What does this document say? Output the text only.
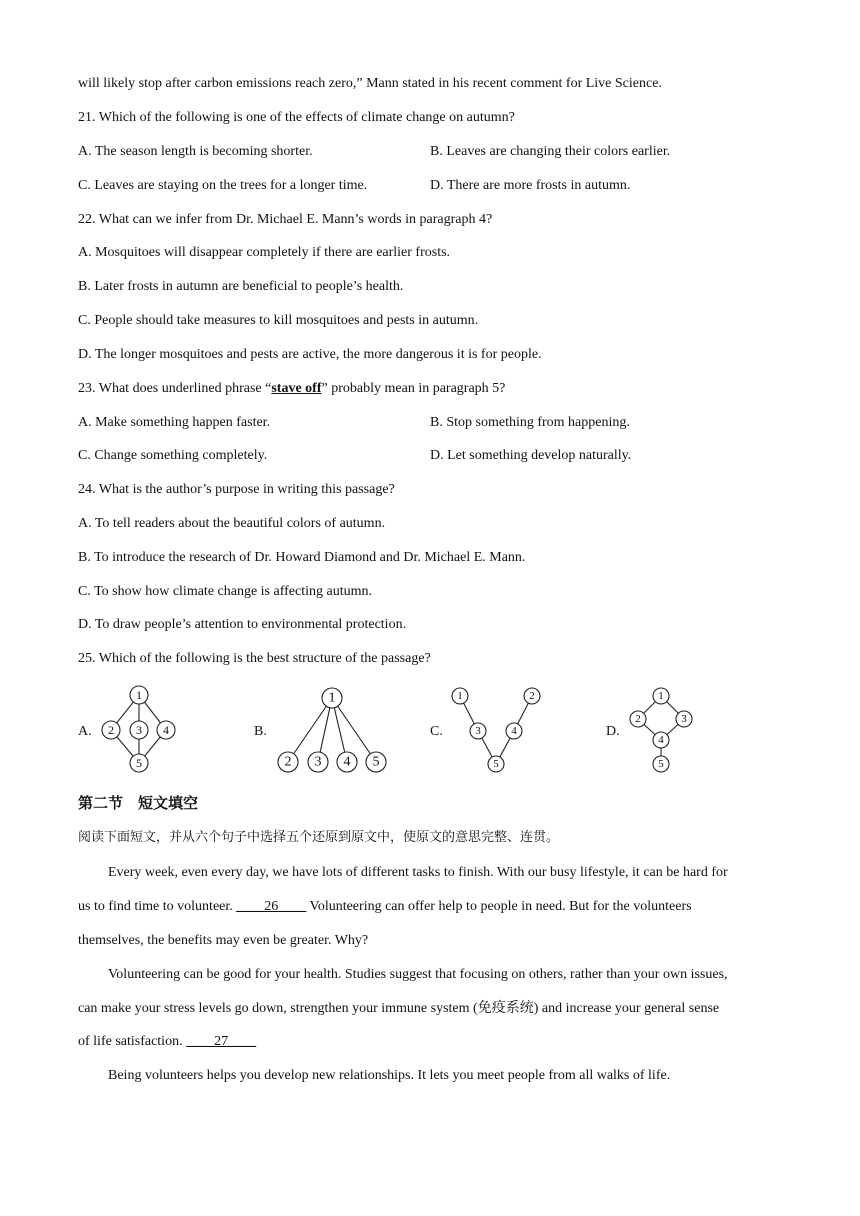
will likely stop after carbon emissions reach zero,” Mann stated in his recent comment for Live Science.
21. Which of the following is one of the effects of climate change on autumn?
A. The season length is becoming shorter.	B. Leaves are changing their colors earlier.
C. Leaves are staying on the trees for a longer time.	D. There are more frosts in autumn.
22. What can we infer from Dr. Michael E. Mann’s words in paragraph 4?
A. Mosquitoes will disappear completely if there are earlier frosts.
B. Later frosts in autumn are beneficial to people’s health.
C. People should take measures to kill mosquitoes and pests in autumn.
D. The longer mosquitoes and pests are active, the more dangerous it is for people.
23. What does underlined phrase “stave off” probably mean in paragraph 5?
A. Make something happen faster.	B. Stop something from happening.
C. Change something completely.	D. Let something develop naturally.
24. What is the author’s purpose in writing this passage?
A. To tell readers about the beautiful colors of autumn.
B. To introduce the research of Dr. Howard Diamond and Dr. Michael E. Mann.
C. To show how climate change is affecting autumn.
D. To draw people’s attention to environmental protection.
25. Which of the following is the best structure of the passage?
A.	B.	C.	D.
1
2 3 4
5
1
2 3 4 5
1	2
3	4
5
1
2	3
4
5
第二节　短文填空
阅读下面短文，并从六个句子中选择五个还原到原文中，使原文的意思完整、连贯。
Every week, even every day, we have lots of different tasks to finish. With our busy lifestyle, it can be hard for
us to find time to volunteer. ____26____ Volunteering can offer help to people in need. But for the volunteers
themselves, the benefits may even be greater. Why?
Volunteering can be good for your health. Studies suggest that focusing on others, rather than your own issues,
can make your stress levels go down, strengthen your immune system (免疫系统) and increase your general sense
of life satisfaction. ____27____
Being volunteers helps you develop new relationships. It lets you meet people from all walks of life.
